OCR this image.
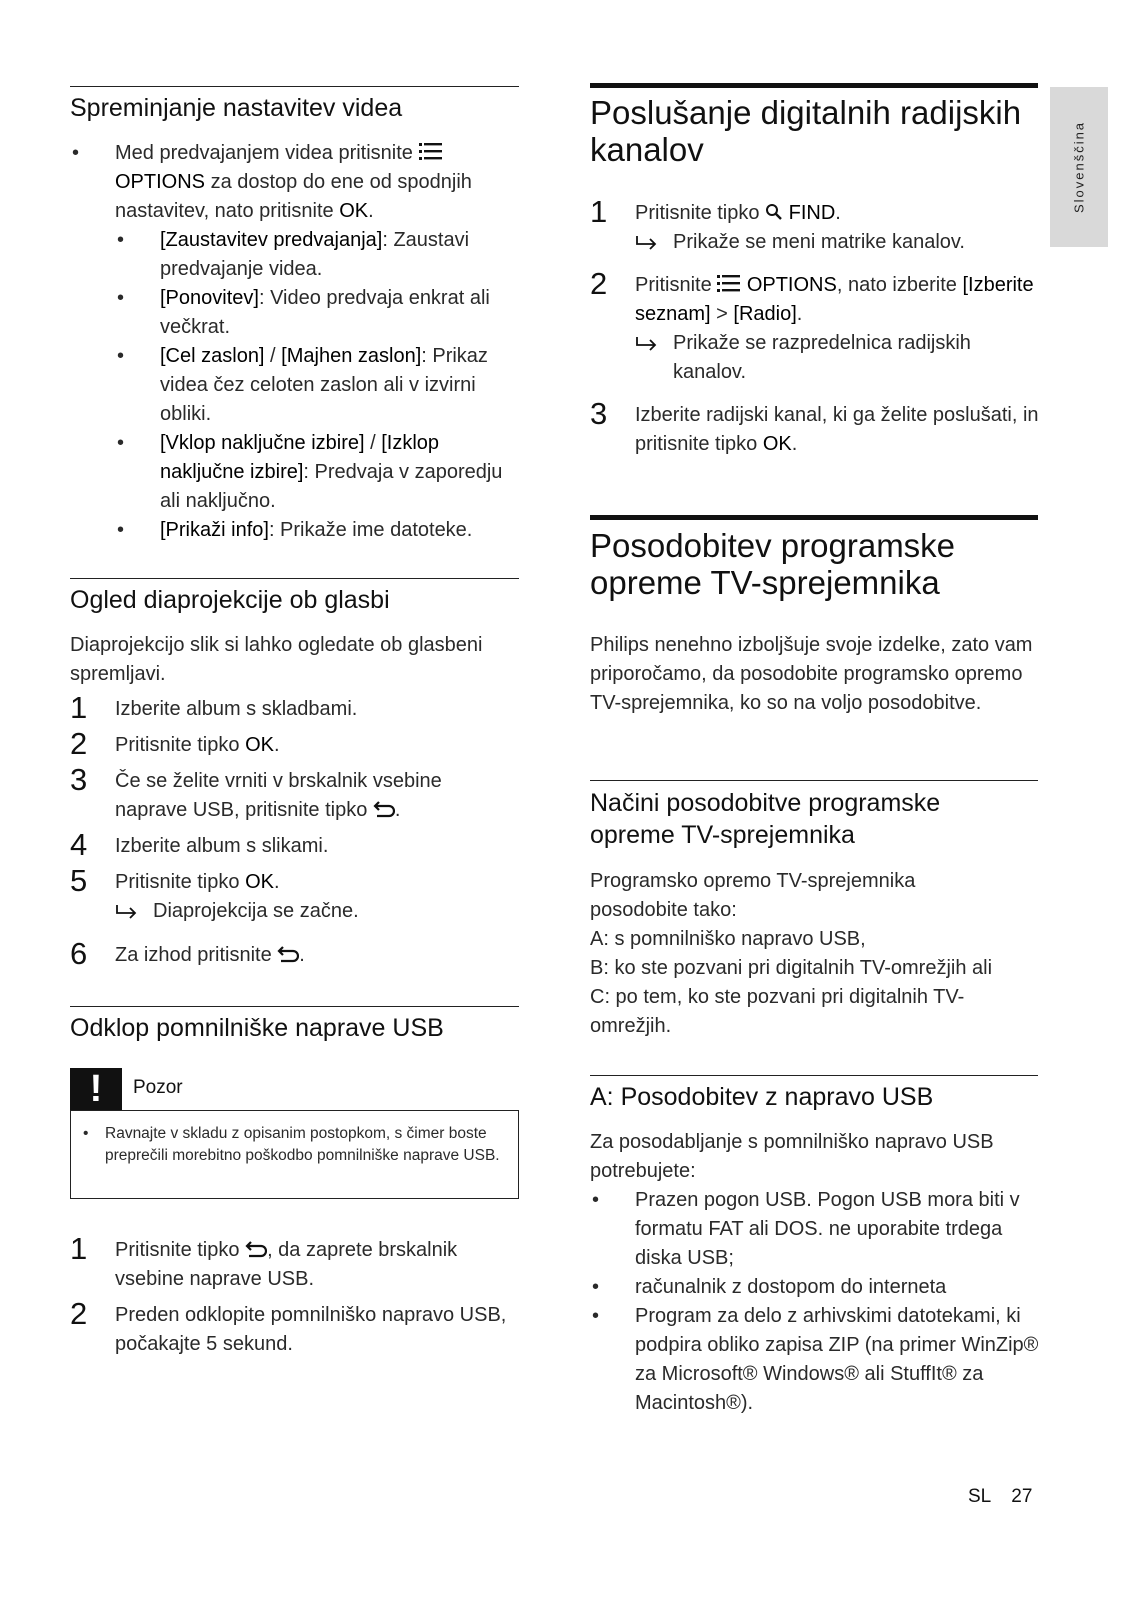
Slovenščina
Spreminjanje nastavitev videa
• Med predvajanjem videa pritisnite  OPTIONS za dostop do ene od spodnjih nastavitev, nato pritisnite OK.
• [Zaustavitev predvajanja]: Zaustavi predvajanje videa.
• [Ponovitev]: Video predvaja enkrat ali večkrat.
• [Cel zaslon] / [Majhen zaslon]: Prikaz videa čez celoten zaslon ali v izvirni obliki.
• [Vklop naključne izbire] / [Izklop naključne izbire]: Predvaja v zaporedju ali naključno.
• [Prikaži info]: Prikaže ime datoteke.
Ogled diaprojekcije ob glasbi

Diaprojekcijo slik si lahko ogledate ob glasbeni spremljavi.

1 Izberite album s skladbami.

2 Pritisnite tipko OK.

3 Če se želite vrniti v brskalnik vsebine naprave USB, pritisnite tipko .

4 Izberite album s slikami.

5 Pritisnite tipko OK.

Diaprojekcija se začne.

6 Za izhod pritisnite .

Odklop pomnilniške naprave USB
!	Pozor
• Ravnajte v skladu z opisanim postopkom, s čimer boste preprečili morebitno poškodbo pomnilniške naprave USB.
1 Pritisnite tipko , da zaprete brskalnik vsebine naprave USB.

2 Preden odklopite pomnilniško napravo USB, počakajte 5 sekund.

Poslušanje digitalnih radijskih kanalov
1 Pritisnite tipko  FIND.

Prikaže se meni matrike kanalov.

2 Pritisnite  OPTIONS, nato izberite [Izberite seznam] > [Radio].

Prikaže se razpredelnica radijskih kanalov.

3 Izberite radijski kanal, ki ga želite poslušati, in pritisnite tipko OK.

Posodobitev programske opreme TV-sprejemnika

Philips nenehno izboljšuje svoje izdelke, zato vam priporočamo, da posodobite programsko opremo TV-sprejemnika, ko so na voljo posodobitve.

Načini posodobitve programske opreme TV-sprejemnika

Programsko opremo TV-sprejemnika posodobite tako:

A: s pomnilniško napravo USB,

B: ko ste pozvani pri digitalnih TV-omrežjih ali

C: po tem, ko ste pozvani pri digitalnih TV-omrežjih.

A: Posodobitev z napravo USB

Za posodabljanje s pomnilniško napravo USB potrebujete:

• Prazen pogon USB. Pogon USB mora biti v formatu FAT ali DOS. ne uporabite trdega diska USB;
• računalnik z dostopom do interneta
• Program za delo z arhivskimi datotekami, ki podpira obliko zapisa ZIP (na primer WinZip® za Microsoft® Windows® ali StuffIt® za Macintosh®).
SL 27
